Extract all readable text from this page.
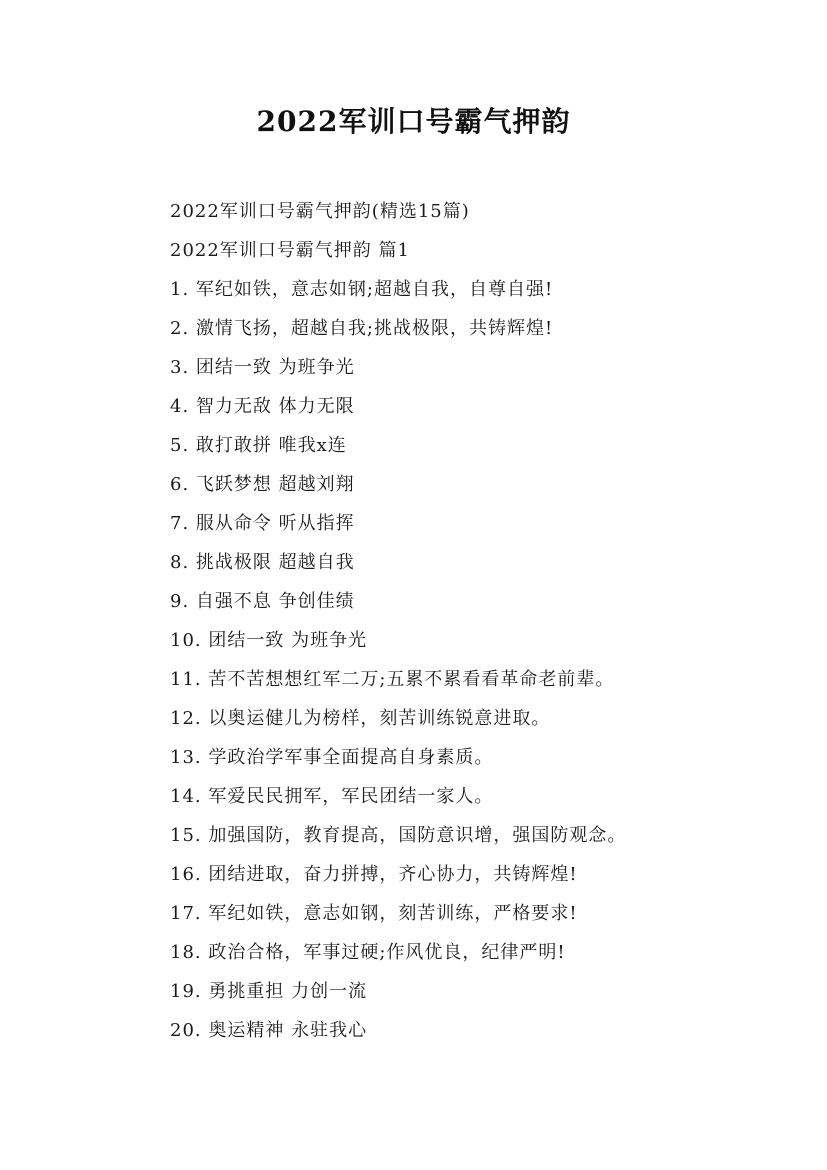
2022军训口号霸气押韵
2022军训口号霸气押韵(精选15篇)
2022军训口号霸气押韵 篇1
1. 军纪如铁，意志如钢;超越自我，自尊自强!
2. 激情飞扬，超越自我;挑战极限，共铸辉煌!
3. 团结一致 为班争光
4. 智力无敌 体力无限
5. 敢打敢拼 唯我x连
6. 飞跃梦想 超越刘翔
7. 服从命令 听从指挥
8. 挑战极限 超越自我
9. 自强不息 争创佳绩
10. 团结一致 为班争光
11. 苦不苦想想红军二万;五累不累看看革命老前辈。
12. 以奥运健儿为榜样，刻苦训练锐意进取。
13. 学政治学军事全面提高自身素质。
14. 军爱民民拥军，军民团结一家人。
15. 加强国防，教育提高，国防意识增，强国防观念。
16. 团结进取，奋力拼搏，齐心协力，共铸辉煌!
17. 军纪如铁，意志如钢，刻苦训练，严格要求!
18. 政治合格，军事过硬;作风优良，纪律严明!
19. 勇挑重担 力创一流
20. 奥运精神 永驻我心
